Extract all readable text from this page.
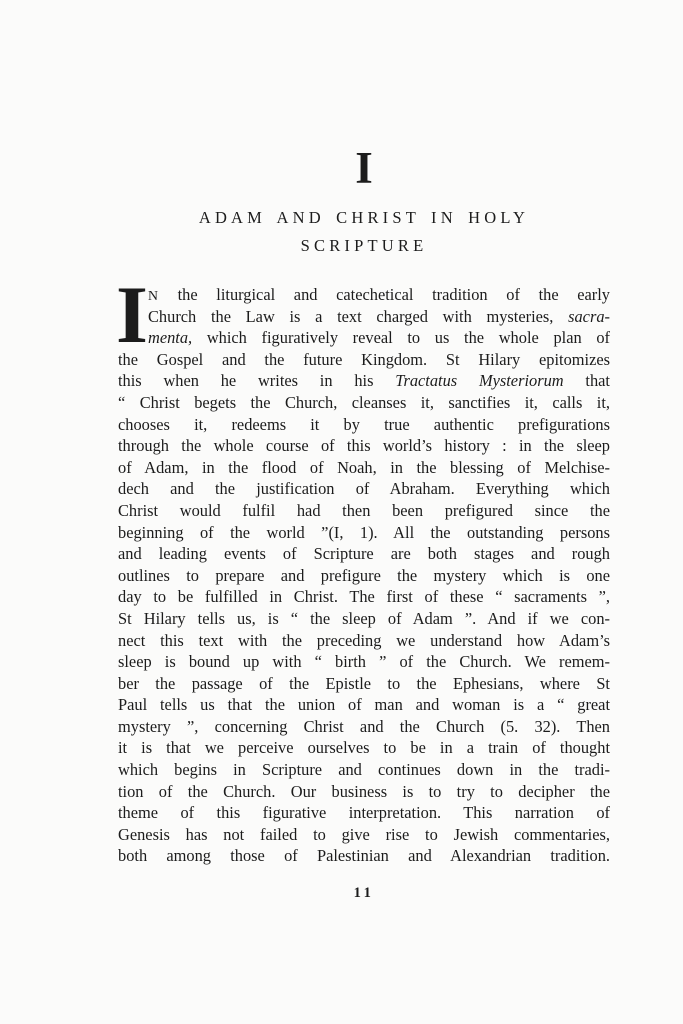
I
ADAM AND CHRIST IN HOLY
SCRIPTURE
I N the liturgical and catechetical tradition of the early
Church the Law is a text charged with mysteries, sacra-
menta, which figuratively reveal to us the whole plan of
the Gospel and the future Kingdom. St Hilary epitomizes
this when he writes in his Tractatus Mysteriorum that
“ Christ begets the Church, cleanses it, sanctifies it, calls it,
chooses it, redeems it by true authentic prefigurations
through the whole course of this world’s history : in the sleep
of Adam, in the flood of Noah, in the blessing of Melchise-
dech and the justification of Abraham. Everything which
Christ would fulfil had then been prefigured since the
beginning of the world ”(I, 1). All the outstanding persons
and leading events of Scripture are both stages and rough
outlines to prepare and prefigure the mystery which is one
day to be fulfilled in Christ. The first of these “ sacraments ”,
St Hilary tells us, is “ the sleep of Adam ”. And if we con-
nect this text with the preceding we understand how Adam’s
sleep is bound up with “ birth ” of the Church. We remem-
ber the passage of the Epistle to the Ephesians, where St
Paul tells us that the union of man and woman is a “ great
mystery ”, concerning Christ and the Church (5. 32). Then
it is that we perceive ourselves to be in a train of thought
which begins in Scripture and continues down in the tradi-
tion of the Church. Our business is to try to decipher the
theme of this figurative interpretation. This narration of
Genesis has not failed to give rise to Jewish commentaries,
both among those of Palestinian and Alexandrian tradition.
11
